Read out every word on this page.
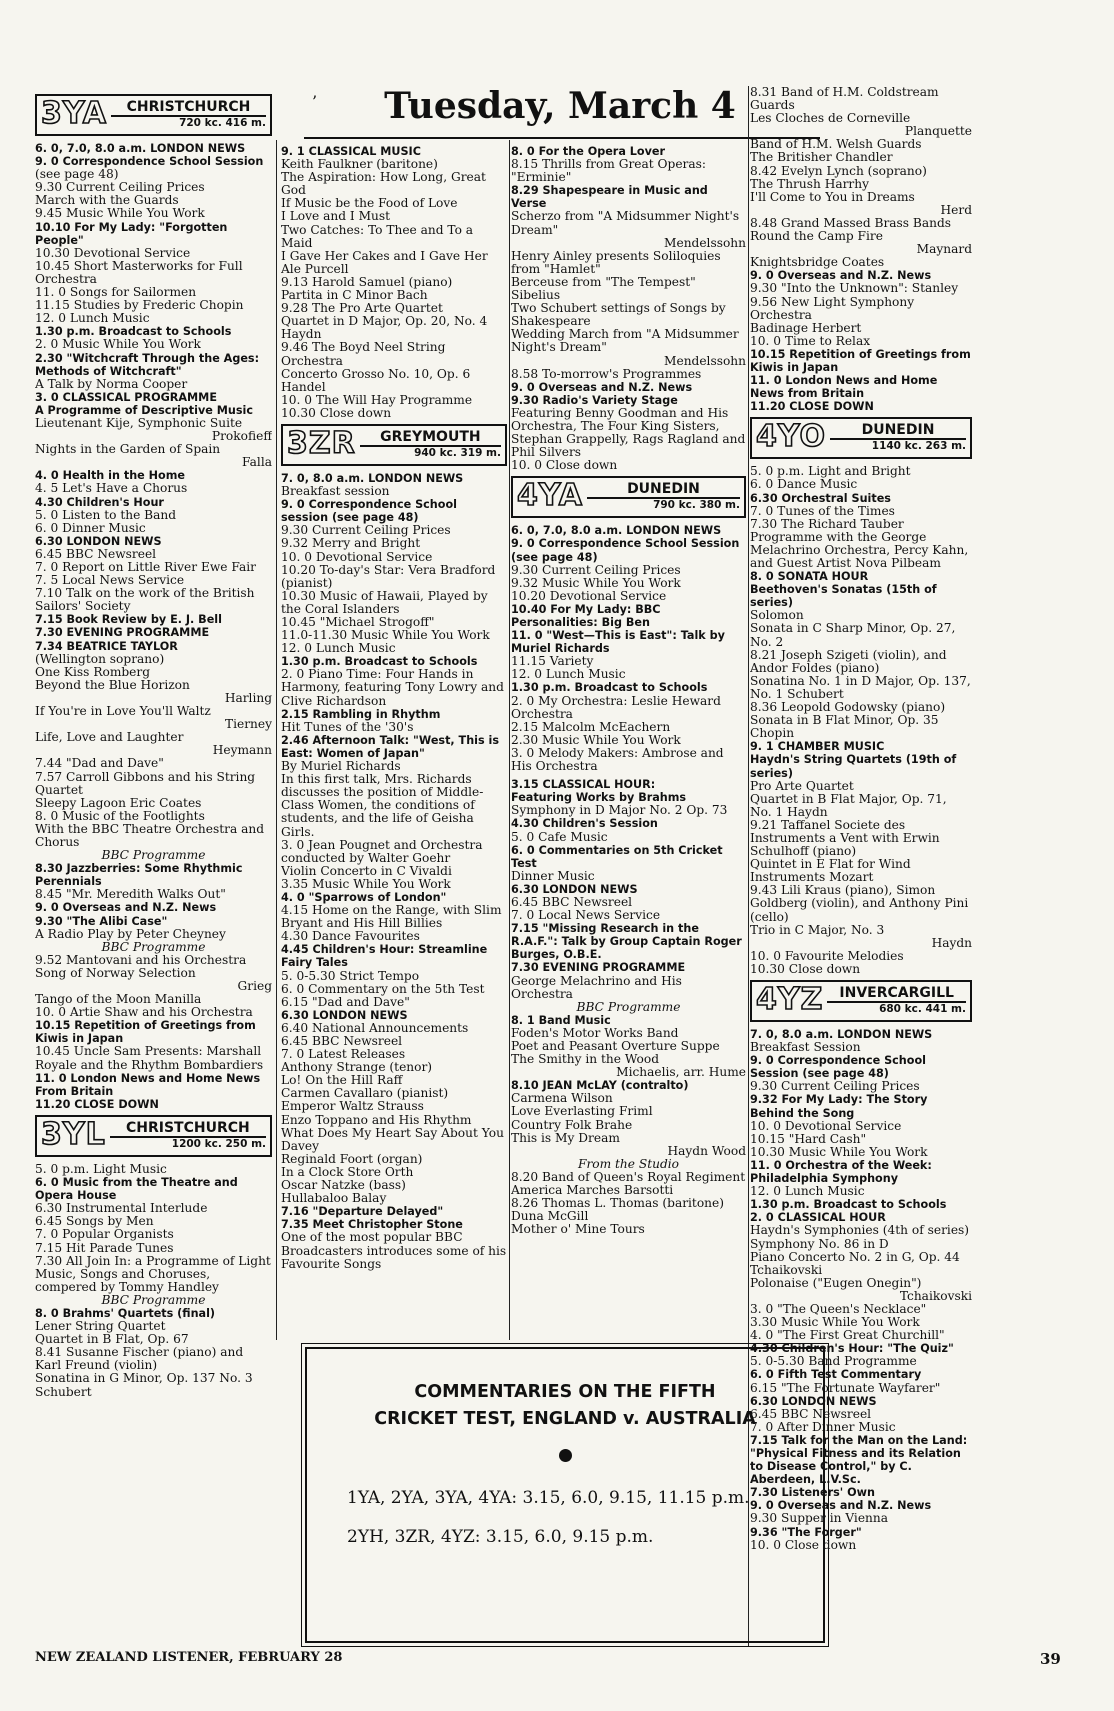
Tuesday, March 4
’
3YA	CHRISTCHURCH
720 kc. 416 m.

6. 0, 7.0, 8.0 a.m. LONDON NEWS

9. 0 Correspondence School Session

(see page 48)

9.30 Current Ceiling Prices

March with the Guards

9.45 Music While You Work

10.10 For My Lady: "Forgotten People"

10.30 Devotional Service

10.45 Short Masterworks for Full Orchestra

11. 0 Songs for Sailormen

11.15 Studies by Frederic Chopin

12. 0 Lunch Music

1.30 p.m. Broadcast to Schools

2. 0 Music While You Work

2.30 "Witchcraft Through the Ages: Methods of Witchcraft"

A Talk by Norma Cooper

3. 0 CLASSICAL PROGRAMME

A Programme of Descriptive Music

Lieutenant Kije, Symphonic Suite

Prokofieff

Nights in the Garden of Spain

Falla

4. 0 Health in the Home

4. 5 Let's Have a Chorus

4.30 Children's Hour

5. 0 Listen to the Band

6. 0 Dinner Music

6.30 LONDON NEWS

6.45 BBC Newsreel

7. 0 Report on Little River Ewe Fair

7. 5 Local News Service

7.10 Talk on the work of the British Sailors' Society

7.15 Book Review by E. J. Bell

7.30 EVENING PROGRAMME

7.34 BEATRICE TAYLOR

(Wellington soprano)

One Kiss Romberg

Beyond the Blue Horizon

Harling

If You're in Love You'll Waltz

Tierney

Life, Love and Laughter

Heymann

7.44 "Dad and Dave"

7.57 Carroll Gibbons and his String Quartet

Sleepy Lagoon Eric Coates

8. 0 Music of the Footlights

With the BBC Theatre Orchestra and Chorus

BBC Programme

8.30 Jazzberries: Some Rhythmic Perennials

8.45 "Mr. Meredith Walks Out"

9. 0 Overseas and N.Z. News

9.30 "The Alibi Case"

A Radio Play by Peter Cheyney

BBC Programme

9.52 Mantovani and his Orchestra

Song of Norway Selection

Grieg

Tango of the Moon Manilla

10. 0 Artie Shaw and his Orchestra

10.15 Repetition of Greetings from Kiwis in Japan

10.45 Uncle Sam Presents: Marshall Royale and the Rhythm Bombardiers

11. 0 London News and Home News From Britain

11.20 CLOSE DOWN

3YL	CHRISTCHURCH
1200 kc. 250 m.

5. 0 p.m. Light Music

6. 0 Music from the Theatre and Opera House

6.30 Instrumental Interlude

6.45 Songs by Men

7. 0 Popular Organists

7.15 Hit Parade Tunes

7.30 All Join In: a Programme of Light Music, Songs and Choruses, compered by Tommy Handley

BBC Programme

8. 0 Brahms' Quartets (final)

Lener String Quartet

Quartet in B Flat, Op. 67

8.41 Susanne Fischer (piano) and Karl Freund (violin)

Sonatina in G Minor, Op. 137 No. 3 Schubert

9. 1 CLASSICAL MUSIC

Keith Faulkner (baritone)

The Aspiration: How Long, Great God

If Music be the Food of Love

I Love and I Must

Two Catches: To Thee and To a Maid

I Gave Her Cakes and I Gave Her Ale Purcell

9.13 Harold Samuel (piano)

Partita in C Minor Bach

9.28 The Pro Arte Quartet

Quartet in D Major, Op. 20, No. 4 Haydn

9.46 The Boyd Neel String Orchestra

Concerto Grosso No. 10, Op. 6 Handel

10. 0 The Will Hay Programme

10.30 Close down

3ZR	GREYMOUTH
940 kc. 319 m.

7. 0, 8.0 a.m. LONDON NEWS

Breakfast session

9. 0 Correspondence School session (see page 48)

9.30 Current Ceiling Prices

9.32 Merry and Bright

10. 0 Devotional Service

10.20 To-day's Star: Vera Bradford (pianist)

10.30 Music of Hawaii, Played by the Coral Islanders

10.45 "Michael Strogoff"

11.0-11.30 Music While You Work

12. 0 Lunch Music

1.30 p.m. Broadcast to Schools

2. 0 Piano Time: Four Hands in Harmony, featuring Tony Lowry and Clive Richardson

2.15 Rambling in Rhythm

Hit Tunes of the '30's

2.46 Afternoon Talk: "West, This is East: Women of Japan"

By Muriel Richards

In this first talk, Mrs. Richards discusses the position of Middle-Class Women, the conditions of students, and the life of Geisha Girls.

3. 0 Jean Pougnet and Orchestra conducted by Walter Goehr

Violin Concerto in C Vivaldi

3.35 Music While You Work

4. 0 "Sparrows of London"

4.15 Home on the Range, with Slim Bryant and His Hill Billies

4.30 Dance Favourites

4.45 Children's Hour: Streamline Fairy Tales

5. 0-5.30 Strict Tempo

6. 0 Commentary on the 5th Test

6.15 "Dad and Dave"

6.30 LONDON NEWS

6.40 National Announcements

6.45 BBC Newsreel

7. 0 Latest Releases

Anthony Strange (tenor)

Lo! On the Hill Raff

Carmen Cavallaro (pianist)

Emperor Waltz Strauss

Enzo Toppano and His Rhythm

What Does My Heart Say About You Davey

Reginald Foort (organ)

In a Clock Store Orth

Oscar Natzke (bass)

Hullabaloo Balay

7.16 "Departure Delayed"

7.35 Meet Christopher Stone

One of the most popular BBC Broadcasters introduces some of his Favourite Songs

8. 0 For the Opera Lover

8.15 Thrills from Great Operas: "Erminie"

8.29 Shapespeare in Music and Verse

Scherzo from "A Midsummer Night's Dream"

Mendelssohn

Henry Ainley presents Soliloquies from "Hamlet"

Berceuse from "The Tempest" Sibelius

Two Schubert settings of Songs by Shakespeare

Wedding March from "A Midsummer Night's Dream"

Mendelssohn

8.58 To-morrow's Programmes

9. 0 Overseas and N.Z. News

9.30 Radio's Variety Stage

Featuring Benny Goodman and His Orchestra, The Four King Sisters, Stephan Grappelly, Rags Ragland and Phil Silvers

10. 0 Close down

4YA	DUNEDIN
790 kc. 380 m.

6. 0, 7.0, 8.0 a.m. LONDON NEWS

9. 0 Correspondence School Session (see page 48)

9.30 Current Ceiling Prices

9.32 Music While You Work

10.20 Devotional Service

10.40 For My Lady: BBC Personalities: Big Ben

11. 0 "West—This is East": Talk by Muriel Richards

11.15 Variety

12. 0 Lunch Music

1.30 p.m. Broadcast to Schools

2. 0 My Orchestra: Leslie Heward Orchestra

2.15 Malcolm McEachern

2.30 Music While You Work

3. 0 Melody Makers: Ambrose and His Orchestra

3.15 CLASSICAL HOUR:

Featuring Works by Brahms

Symphony in D Major No. 2 Op. 73

4.30 Children's Session

5. 0 Cafe Music

6. 0 Commentaries on 5th Cricket Test

Dinner Music

6.30 LONDON NEWS

6.45 BBC Newsreel

7. 0 Local News Service

7.15 "Missing Research in the R.A.F.": Talk by Group Captain Roger Burges, O.B.E.

7.30 EVENING PROGRAMME

George Melachrino and His Orchestra

BBC Programme

8. 1 Band Music

Foden's Motor Works Band

Poet and Peasant Overture Suppe

The Smithy in the Wood

Michaelis, arr. Hume

8.10 JEAN McLAY (contralto)

Carmena Wilson

Love Everlasting Friml

Country Folk Brahe

This is My Dream

Haydn Wood

From the Studio

8.20 Band of Queen's Royal Regiment

America Marches Barsotti

8.26 Thomas L. Thomas (baritone)

Duna McGill

Mother o' Mine Tours

8.31 Band of H.M. Coldstream Guards

Les Cloches de Corneville

Planquette

Band of H.M. Welsh Guards

The Britisher Chandler

8.42 Evelyn Lynch (soprano)

The Thrush Harrhy

I'll Come to You in Dreams

Herd

8.48 Grand Massed Brass Bands

Round the Camp Fire

Maynard

Knightsbridge Coates

9. 0 Overseas and N.Z. News

9.30 "Into the Unknown": Stanley

9.56 New Light Symphony Orchestra

Badinage Herbert

10. 0 Time to Relax

10.15 Repetition of Greetings from Kiwis in Japan

11. 0 London News and Home News from Britain

11.20 CLOSE DOWN

4YO	DUNEDIN
1140 kc. 263 m.

5. 0 p.m. Light and Bright

6. 0 Dance Music

6.30 Orchestral Suites

7. 0 Tunes of the Times

7.30 The Richard Tauber Programme with the George Melachrino Orchestra, Percy Kahn, and Guest Artist Nova Pilbeam

8. 0 SONATA HOUR

Beethoven's Sonatas (15th of series)

Solomon

Sonata in C Sharp Minor, Op. 27, No. 2

8.21 Joseph Szigeti (violin), and Andor Foldes (piano)

Sonatina No. 1 in D Major, Op. 137, No. 1 Schubert

8.36 Leopold Godowsky (piano)

Sonata in B Flat Minor, Op. 35 Chopin

9. 1 CHAMBER MUSIC

Haydn's String Quartets (19th of series)

Pro Arte Quartet

Quartet in B Flat Major, Op. 71, No. 1 Haydn

9.21 Taffanel Societe des Instruments a Vent with Erwin Schulhoff (piano)

Quintet in E Flat for Wind Instruments Mozart

9.43 Lili Kraus (piano), Simon Goldberg (violin), and Anthony Pini (cello)

Trio in C Major, No. 3

Haydn

10. 0 Favourite Melodies

10.30 Close down

4YZ	INVERCARGILL
680 kc. 441 m.

7. 0, 8.0 a.m. LONDON NEWS

Breakfast Session

9. 0 Correspondence School Session (see page 48)

9.30 Current Ceiling Prices

9.32 For My Lady: The Story Behind the Song

10. 0 Devotional Service

10.15 "Hard Cash"

10.30 Music While You Work

11. 0 Orchestra of the Week: Philadelphia Symphony

12. 0 Lunch Music

1.30 p.m. Broadcast to Schools

2. 0 CLASSICAL HOUR

Haydn's Symphonies (4th of series)

Symphony No. 86 in D

Piano Concerto No. 2 in G, Op. 44 Tchaikovski

Polonaise ("Eugen Onegin")

Tchaikovski

3. 0 "The Queen's Necklace"

3.30 Music While You Work

4. 0 "The First Great Churchill"

4.30 Children's Hour: "The Quiz"

5. 0-5.30 Band Programme

6. 0 Fifth Test Commentary

6.15 "The Fortunate Wayfarer"

6.30 LONDON NEWS

6.45 BBC Newsreel

7. 0 After Dinner Music

7.15 Talk for the Man on the Land: "Physical Fitness and its Relation to Disease Control," by C. Aberdeen, L.V.Sc.

7.30 Listeners' Own

9. 0 Overseas and N.Z. News

9.30 Supper in Vienna

9.36 "The Forger"

10. 0 Close down

COMMENTARIES ON THE FIFTH
CRICKET TEST, ENGLAND v. AUSTRALIA
1YA, 2YA, 3YA, 4YA: 3.15, 6.0, 9.15, 11.15 p.m.
2YH, 3ZR, 4YZ: 3.15, 6.0, 9.15 p.m.
NEW ZEALAND LISTENER, FEBRUARY 28	39
